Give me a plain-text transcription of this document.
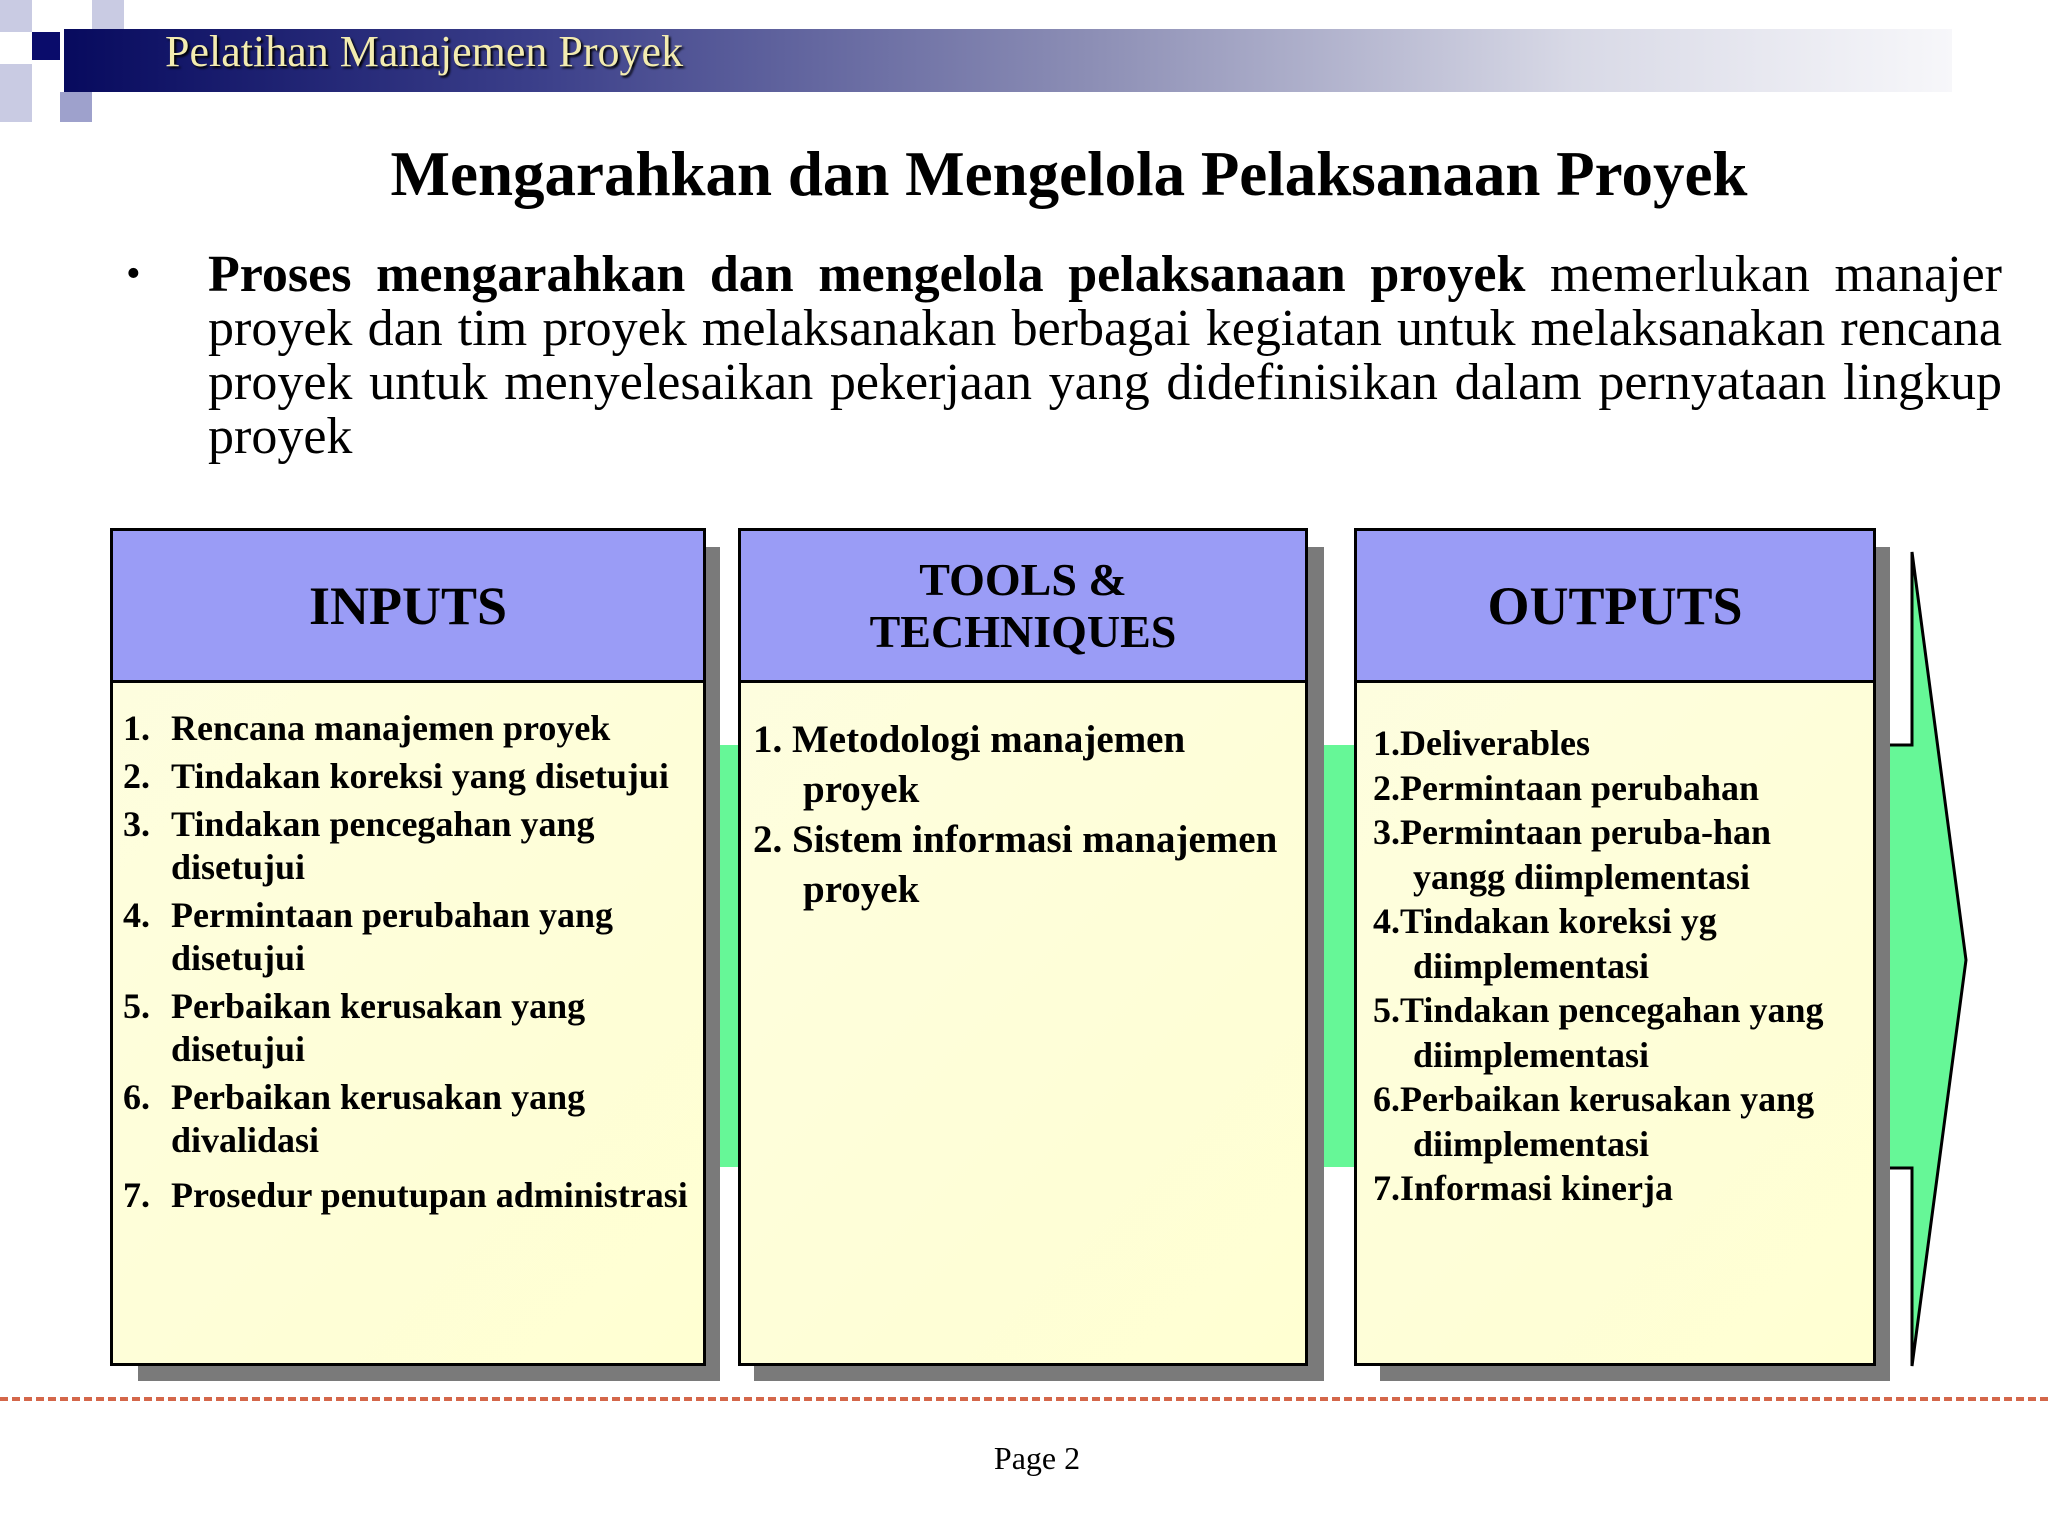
Pelatihan Manajemen Proyek
Mengarahkan dan Mengelola Pelaksanaan Proyek
• Proses mengarahkan dan mengelola pelaksanaan proyek memerlukan manajer proyek dan tim proyek melaksanakan berbagai kegiatan untuk melaksanakan rencana proyek untuk menyelesaikan pekerjaan yang didefinisikan dalam pernyataan lingkup proyek
INPUTS
1. Rencana manajemen proyek
2. Tindakan koreksi yang disetujui
3. Tindakan pencegahan yang disetujui
4. Permintaan perubahan yang disetujui
5. Perbaikan kerusakan yang disetujui
6. Perbaikan kerusakan yang divalidasi
7. Prosedur penutupan administrasi
TOOLS &
TECHNIQUES
1. Metodologi manajemen proyek
2. Sistem informasi manajemen proyek
OUTPUTS
1.Deliverables
2.Permintaan perubahan
3.Permintaan peruba-han yangg diimplementasi
4.Tindakan koreksi yg diimplementasi
5.Tindakan pencegahan yang diimplementasi
6.Perbaikan kerusakan yang diimplementasi
7.Informasi kinerja
Page 2
